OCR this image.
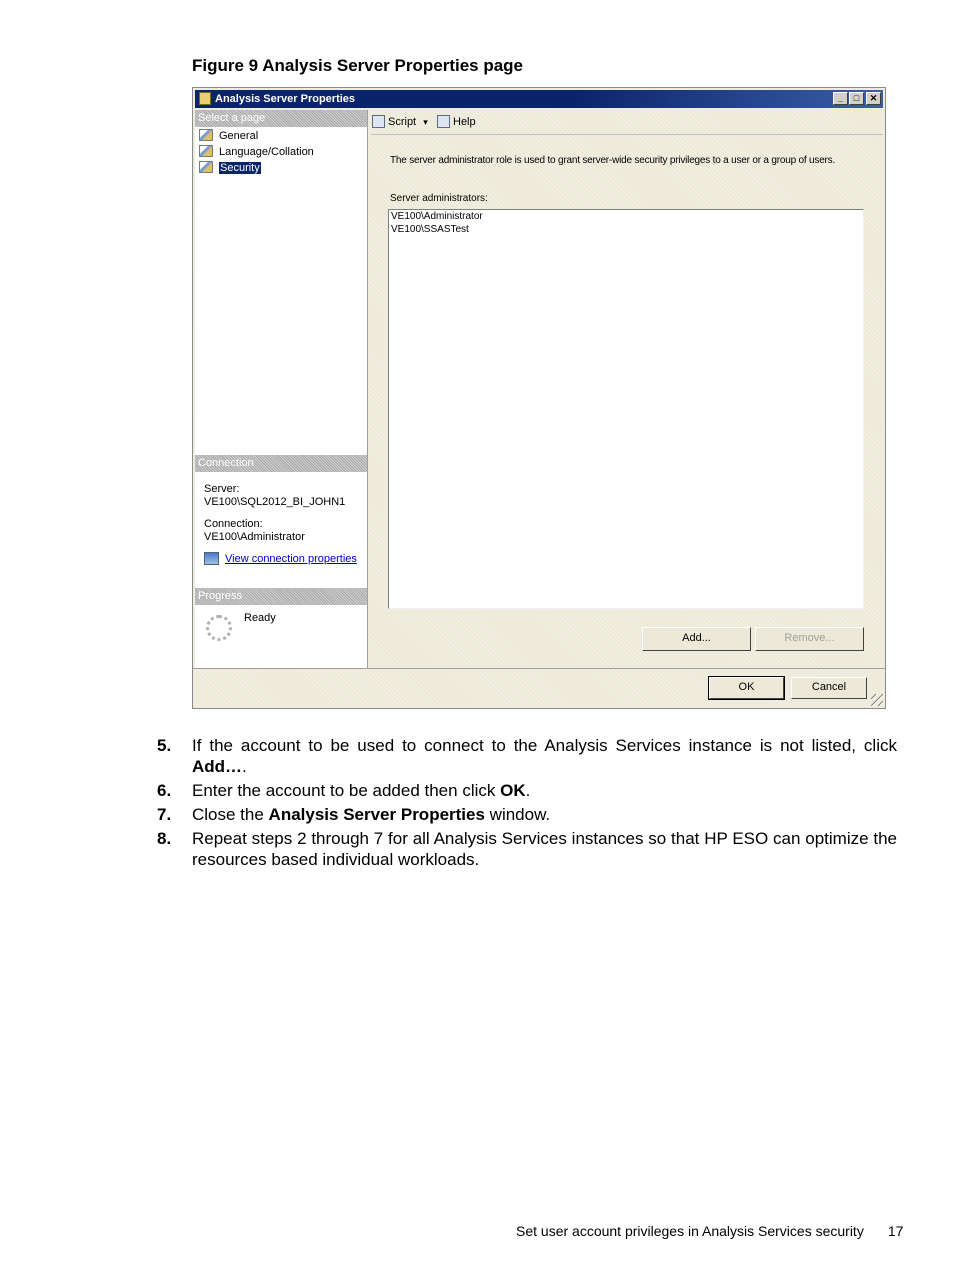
Figure 9 Analysis Server Properties page
Analysis Server Properties	_	□	✕
Select a page
General
Language/Collation
Security
Connection
Server:
VE100\SQL2012_BI_JOHN1
Connection:
VE100\Administrator
View connection properties
Progress
Ready
Script ▾	Help
The server administrator role is used to grant server-wide security privileges to a user or a group of users.
Server administrators:
VE100\Administrator
VE100\SSASTest
Add...	Remove...
OK	Cancel
5. If the account to be used to connect to the Analysis Services instance is not listed, click Add….
6. Enter the account to be added then click OK.
7. Close the Analysis Server Properties window.
8. Repeat steps 2 through 7 for all Analysis Services instances so that HP ESO can optimize the resources based individual workloads.
Set user account privileges in Analysis Services security 17
